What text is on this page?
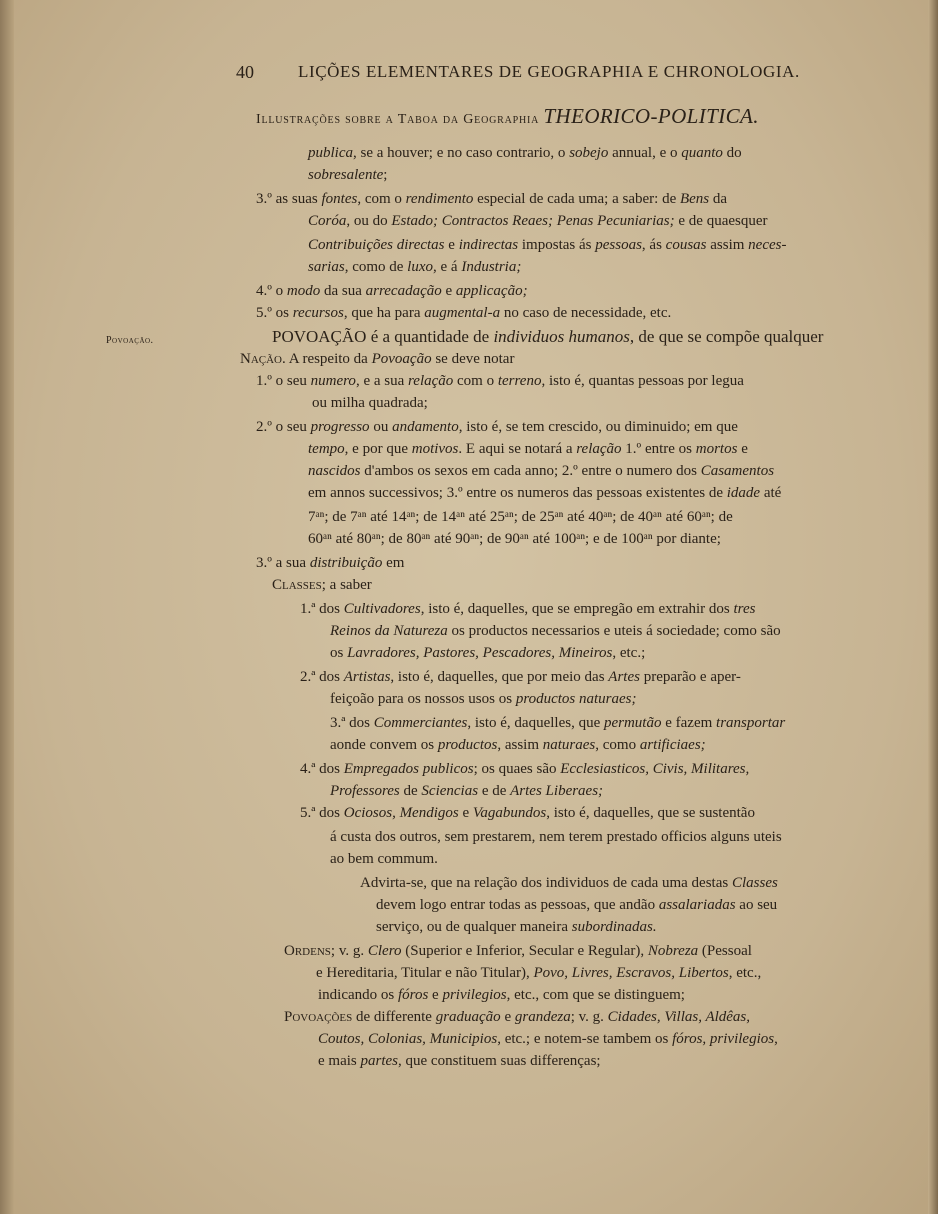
40	LIÇÕES ELEMENTARES DE GEOGRAPHIA E CHRONOLOGIA.
Illustrações sobre a Taboa da Geographia THEORICO-POLITICA.
Povoação.
publica, se a houver; e no caso contrario, o sobejo annual, e o quanto do
sobresalente;
3.º as suas fontes, com o rendimento especial de cada uma; a saber: de Bens da
Coróa, ou do Estado; Contractos Reaes; Penas Pecuniarias; e de quaesquer
Contribuições directas e indirectas impostas ás pessoas, ás cousas assim neces-
sarias, como de luxo, e á Industria;
4.º o modo da sua arrecadação e applicação;
5.º os recursos, que ha para augmental-a no caso de necessidade, etc.
POVOAÇÃO é a quantidade de individuos humanos, de que se compõe qualquer
Nação. A respeito da Povoação se deve notar
1.º o seu numero, e a sua relação com o terreno, isto é, quantas pessoas por legua
ou milha quadrada;
2.º o seu progresso ou andamento, isto é, se tem crescido, ou diminuido; em que
tempo, e por que motivos. E aqui se notará a relação 1.º entre os mortos e
nascidos d'ambos os sexos em cada anno; 2.º entre o numero dos Casamentos
em annos successivos; 3.º entre os numeros das pessoas existentes de idade até
7ᵃⁿ; de 7ᵃⁿ até 14ᵃⁿ; de 14ᵃⁿ até 25ᵃⁿ; de 25ᵃⁿ até 40ᵃⁿ; de 40ᵃⁿ até 60ᵃⁿ; de
60ᵃⁿ até 80ᵃⁿ; de 80ᵃⁿ até 90ᵃⁿ; de 90ᵃⁿ até 100ᵃⁿ; e de 100ᵃⁿ por diante;
3.º a sua distribuição em
Classes; a saber
1.ª dos Cultivadores, isto é, daquelles, que se empregão em extrahir dos tres
Reinos da Natureza os productos necessarios e uteis á sociedade; como são
os Lavradores, Pastores, Pescadores, Mineiros, etc.;
2.ª dos Artistas, isto é, daquelles, que por meio das Artes preparão e aper-
feiçoão para os nossos usos os productos naturaes;
3.ª dos Commerciantes, isto é, daquelles, que permutão e fazem transportar
aonde convem os productos, assim naturaes, como artificiaes;
4.ª dos Empregados publicos; os quaes são Ecclesiasticos, Civis, Militares,
Professores de Sciencias e de Artes Liberaes;
5.ª dos Ociosos, Mendigos e Vagabundos, isto é, daquelles, que se sustentão
á custa dos outros, sem prestarem, nem terem prestado officios alguns uteis
ao bem commum.
Advirta-se, que na relação dos individuos de cada uma destas Classes
devem logo entrar todas as pessoas, que andão assalariadas ao seu
serviço, ou de qualquer maneira subordinadas.
Ordens; v. g. Clero (Superior e Inferior, Secular e Regular), Nobreza (Pessoal
e Hereditaria, Titular e não Titular), Povo, Livres, Escravos, Libertos, etc.,
indicando os fóros e privilegios, etc., com que se distinguem;
Povoações de differente graduação e grandeza; v. g. Cidades, Villas, Aldêas,
Coutos, Colonias, Municipios, etc.; e notem-se tambem os fóros, privilegios,
e mais partes, que constituem suas differenças;
